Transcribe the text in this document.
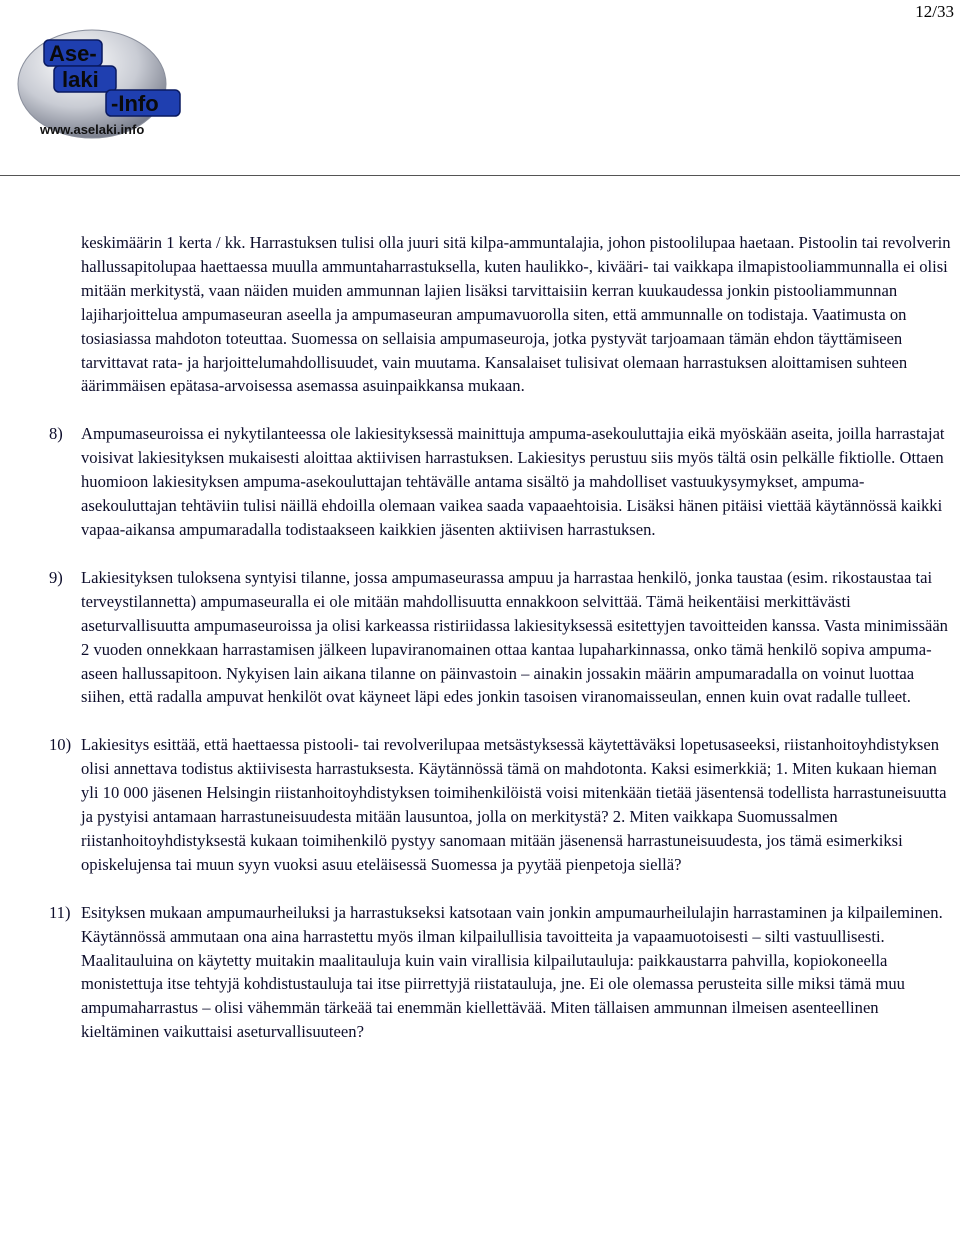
12/33
Ase-
laki
-Info
www.aselaki.info

keskimäärin 1 kerta / kk. Harrastuksen tulisi olla juuri sitä kilpa-ammuntalajia, johon pistoolilupaa haetaan. Pistoolin tai revolverin hallussapitolupaa haettaessa muulla ammuntaharrastuksella, kuten haulikko-, kivääri- tai vaikkapa ilmapistooliammunnalla ei olisi mitään merkitystä, vaan näiden muiden ammunnan lajien lisäksi tarvittaisiin kerran kuukaudessa jonkin pistooliammunnan lajiharjoittelua ampumaseuran aseella ja ampumaseuran ampumavuorolla siten, että ammunnalle on todistaja. Vaatimusta on tosiasiassa mahdoton toteuttaa. Suomessa on sellaisia ampumaseuroja, jotka pystyvät tarjoamaan tämän ehdon täyttämiseen tarvittavat rata- ja harjoittelumahdollisuudet, vain muutama. Kansalaiset tulisivat olemaan harrastuksen aloittamisen suhteen äärimmäisen epätasa-arvoisessa asemassa asuinpaikkansa mukaan.

8) Ampumaseuroissa ei nykytilanteessa ole lakiesityksessä mainittuja ampuma-asekouluttajia eikä myöskään aseita, joilla harrastajat voisivat lakiesityksen mukaisesti aloittaa aktiivisen harrastuksen. Lakiesitys perustuu siis myös tältä osin pelkälle fiktiolle. Ottaen huomioon lakiesityksen ampuma-asekouluttajan tehtävälle antama sisältö ja mahdolliset vastuukysymykset, ampuma-asekouluttajan tehtäviin tulisi näillä ehdoilla olemaan vaikea saada vapaaehtoisia. Lisäksi hänen pitäisi viettää käytännössä kaikki vapaa-aikansa ampumaradalla todistaakseen kaikkien jäsenten aktiivisen harrastuksen.

9) Lakiesityksen tuloksena syntyisi tilanne, jossa ampumaseurassa ampuu ja harrastaa henkilö, jonka taustaa (esim. rikostaustaa tai terveystilannetta) ampumaseuralla ei ole mitään mahdollisuutta ennakkoon selvittää. Tämä heikentäisi merkittävästi aseturvallisuutta ampumaseuroissa ja olisi karkeassa ristiriidassa lakiesityksessä esitettyjen tavoitteiden kanssa. Vasta minimissään 2 vuoden onnekkaan harrastamisen jälkeen lupaviranomainen ottaa kantaa lupaharkinnassa, onko tämä henkilö sopiva ampuma-aseen hallussapitoon. Nykyisen lain aikana tilanne on päinvastoin – ainakin jossakin määrin ampumaradalla on voinut luottaa siihen, että radalla ampuvat henkilöt ovat käyneet läpi edes jonkin tasoisen viranomaisseulan, ennen kuin ovat radalle tulleet.

10) Lakiesitys esittää, että haettaessa pistooli- tai revolverilupaa metsästyksessä käytettäväksi lopetusaseeksi, riistanhoitoyhdistyksen olisi annettava todistus aktiivisesta harrastuksesta. Käytännössä tämä on mahdotonta. Kaksi esimerkkiä; 1. Miten kukaan hieman yli 10 000 jäsenen Helsingin riistanhoitoyhdistyksen toimihenkilöistä voisi mitenkään tietää jäsentensä todellista harrastuneisuutta ja pystyisi antamaan harrastuneisuudesta mitään lausuntoa, jolla on merkitystä? 2. Miten vaikkapa Suomussalmen riistanhoitoyhdistyksestä kukaan toimihenkilö pystyy sanomaan mitään jäsenensä harrastuneisuudesta, jos tämä esimerkiksi opiskelujensa tai muun syyn vuoksi asuu eteläisessä Suomessa ja pyytää pienpetoja siellä?

11) Esityksen mukaan ampumaurheiluksi ja harrastukseksi katsotaan vain jonkin ampumaurheilulajin harrastaminen ja kilpaileminen. Käytännössä ammutaan ona aina harrastettu myös ilman kilpailullisia tavoitteita ja vapaamuotoisesti – silti vastuullisesti. Maalitauluina on käytetty muitakin maalitauluja kuin vain virallisia kilpailutauluja: paikkaustarra pahvilla, kopiokoneella monistettuja itse tehtyjä kohdistustauluja tai itse piirrettyjä riistatauluja, jne. Ei ole olemassa perusteita sille miksi tämä muu ampumaharrastus – olisi vähemmän tärkeää tai enemmän kiellettävää. Miten tällaisen ammunnan ilmeisen asenteellinen kieltäminen vaikuttaisi aseturvallisuuteen?
